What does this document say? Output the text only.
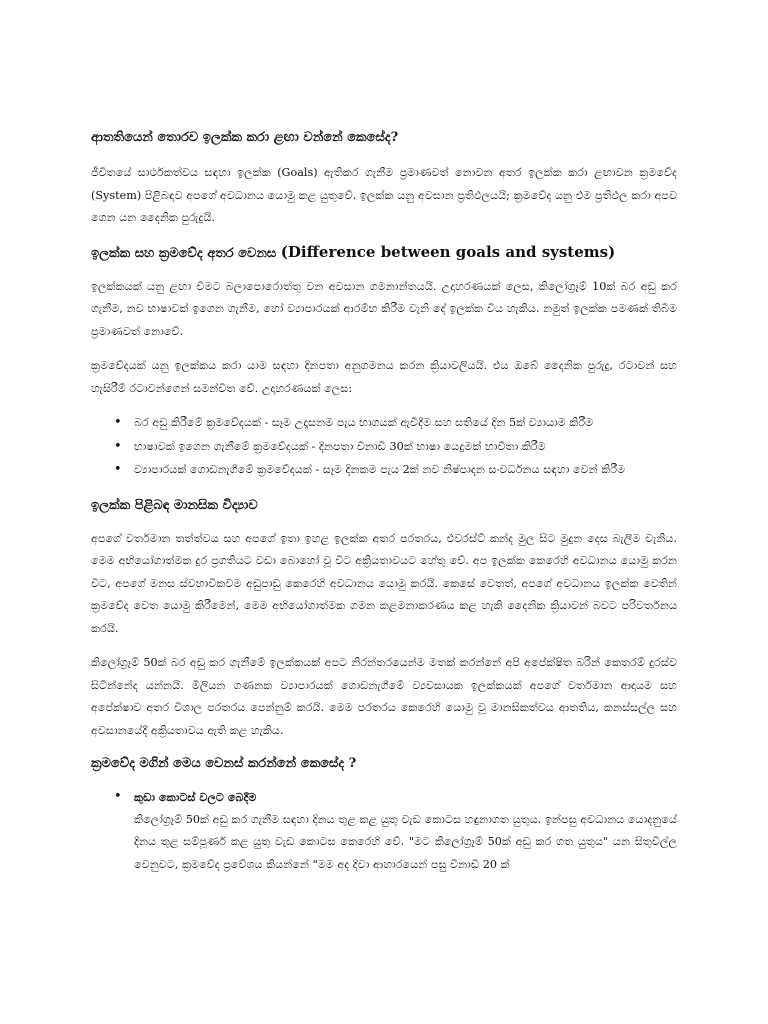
ආතතියෙන් තොරව ඉලක්ක කරා ළඟා වන්නේ කෙසේද?

ජීවිතයේ සාර්ථකත්වය සඳහා ඉලක්ක (Goals) ඇතිකර ගැනීම ප්‍රමාණවත් නොවන අතර ඉලක්ක කරා ළඟාවන ක්‍රමවේද (System) පිළිබඳව අපගේ අවධානය යොමු කළ යුතුවේ. ඉලක්ක යනු අවසාන ප්‍රතිඵලයයි; ක්‍රමවේද යනු එම ප්‍රතිඵල කරා අපව ගෙන යන දෛනික පුරුදුයි.

ඉලක්ක සහ ක්‍රමවේද අතර වෙනස (Difference between goals and systems)

ඉලක්කයක් යනු ළඟා වීමට බලාපොරොත්තු වන අවසාන ගමනාන්තයයි. උදාහරණයක් ලෙස, කිලෝග්‍රෑම් 10ක් බර අඩු කර ගැනීම, නව භාෂාවක් ඉගෙන ගැනීම, හෝ ව්‍යාපාරයක් ආරම්භ කිරීම වැනි දේ ඉලක්ක විය හැකිය. නමුත් ඉලක්ක පමණක් තිබීම ප්‍රමාණවත් නොවේ.

ක්‍රමවේදයක් යනු ඉලක්කය කරා යාම සඳහා දිනපතා අනුගමනය කරන ක්‍රියාවලියයි. එය ඔබේ දෛනික පුරුදු, රටාවන් සහ හැසිරීම් රටාවන්ගෙන් සමන්විත වේ. උදාහරණයක් ලෙස:

• බර අඩු කිරීමේ ක්‍රමවේදයක් - සෑම උදෑසනම පැය භාගයක් ඇවිදීම සහ සතියේ දින 5ක් ව්‍යායාම කිරීම
• භාෂාවක් ඉගෙන ගැනීමේ ක්‍රමවේදයක් - දිනපතා විනාඩි 30ක් භාෂා යෙදුමක් භාවිතා කිරීම
• ව්‍යාපාරයක් ගොඩනැගීමේ ක්‍රමවේදයක් - සෑම දිනකම පැය 2ක් නව නිෂ්පාදන සංවර්ධනය සඳහා වෙන් කිරීම
ඉලක්ක පිළිබඳ මානසික විද්‍යාව

අපගේ වර්තමාන තත්ත්වය සහ අපගේ ඉතා ඉහළ ඉලක්ක අතර පරතරය, එවරස්ට් කන්ද මුල සිට මුදුන දෙස බැලීම වැනිය. මෙම අභියෝගාත්මක දුර ප්‍රගතියට වඩා බොහෝ වූ විට අක්‍රියතාවයට හේතු වේ. අප ඉලක්ක කෙරෙහි අවධානය යොමු කරන විට, අපගේ මනස ස්වභාවිකවම අඩුපාඩු කෙරෙහි අවධානය යොමු කරයි. කෙසේ වෙතත්, අපගේ අවධානය ඉලක්ක වෙතින් ක්‍රමවේද වෙත යොමු කිරීමෙන්, මෙම අභියෝගාත්මක ගමන කළමනාකරණය කළ හැකි දෛනික ක්‍රියාවන් බවට පරිවර්තනය කරයි.

කිලෝග්‍රෑම් 50ක් බර අඩු කර ගැනීමේ ඉලක්කයක් අපට නිරන්තරයෙන්ම මතක් කරන්නේ අපි අපේක්ෂිත බරින් කෙතරම් දුරස්ව සිටින්නේද යන්නයි. මිලියන ගණනක ව්‍යාපාරයක් ගොඩනැගීමේ ව්‍යවසායක ඉලක්කයක් අපගේ වර්තමාන ආදායම සහ අපේක්ෂාව අතර විශාල පරතරය පෙන්නුම් කරයි. මෙම පරතරය කෙරෙහි යොමු වූ මානසිකත්වය ආතතිය, කනස්සල්ල සහ අවසානයේදී අක්‍රියතාවය ඇති කළ හැකිය.

ක්‍රමවේද මගින් මෙය වෙනස් කරන්නේ කෙසේද ?
• කුඩා කොටස් වලට බෙදීම
කිලෝග්‍රෑම් 50ක් අඩු කර ගැනීම සඳහා දිනය තුළ කළ යුතු වැඩ කොටස හඳුනාගත යුතුය. ඉන්පසු අවධානය යොදනුයේ දිනය තුළ සම්පූර්ණ කළ යුතු වැඩ කොටස කෙරෙහි වේ. "මට කිලෝග්‍රෑම් 50ක් අඩු කර ගත යුතුය" යන සිතුවිල්ල වෙනුවට, ක්‍රමවේද ප්‍රවේශය කියන්නේ "මම අද දිවා ආහාරයෙන් පසු විනාඩි 20 ක්
